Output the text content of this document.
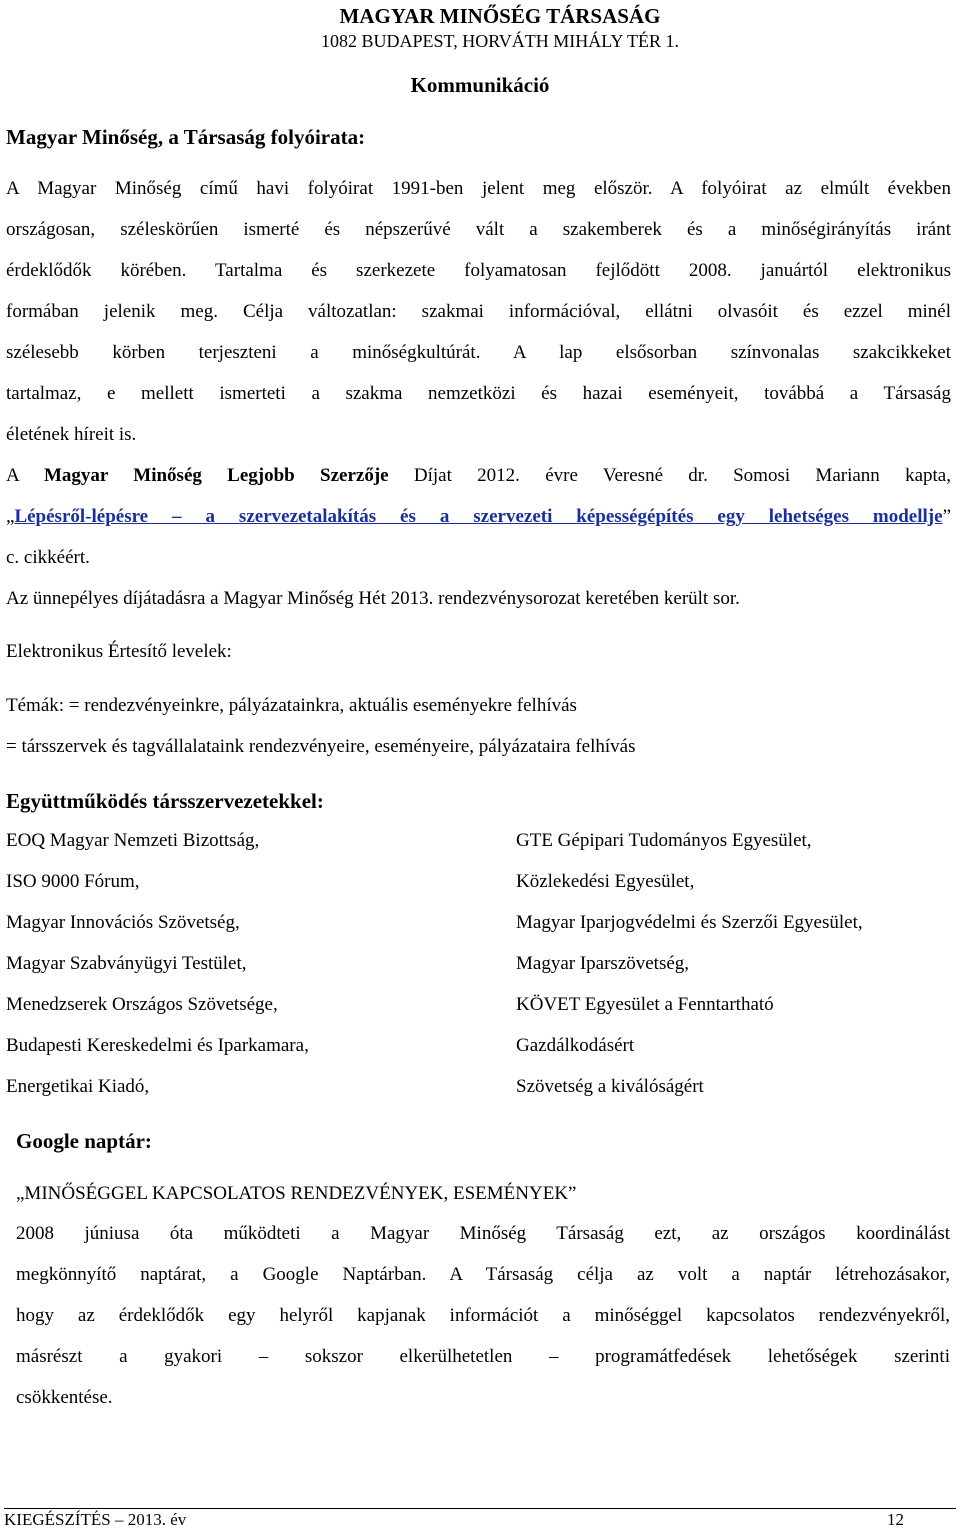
MAGYAR MINŐSÉG TÁRSASÁG
1082 BUDAPEST, HORVÁTH MIHÁLY TÉR 1.
Kommunikáció
Magyar Minőség, a Társaság folyóirata:
A Magyar Minőség című havi folyóirat 1991-ben jelent meg először. A folyóirat az elmúlt években
országosan, széleskörűen ismerté és népszerűvé vált a szakemberek és a minőségirányítás iránt
érdeklődők körében. Tartalma és szerkezete folyamatosan fejlődött 2008. januártól elektronikus
formában jelenik meg. Célja változatlan: szakmai információval, ellátni olvasóit és ezzel minél
szélesebb körben terjeszteni a minőségkultúrát. A lap elsősorban színvonalas szakcikkeket
tartalmaz, e mellett ismerteti a szakma nemzetközi és hazai eseményeit, továbbá a Társaság
életének híreit is.
A Magyar Minőség Legjobb Szerzője Díjat 2012. évre Veresné dr. Somosi Mariann kapta,
„Lépésről-lépésre – a szervezetalakítás és a szervezeti képességépítés egy lehetséges modellje”
c. cikkéért.
Az ünnepélyes díjátadásra a Magyar Minőség Hét 2013. rendezvénysorozat keretében került sor.
Elektronikus Értesítő levelek:
Témák: = rendezvényeinkre, pályázatainkra, aktuális eseményekre felhívás
= társszervek és tagvállalataink rendezvényeire, eseményeire, pályázataira felhívás
Együttműködés társszervezetekkel:
EOQ Magyar Nemzeti Bizottság,
ISO 9000 Fórum,
Magyar Innovációs Szövetség,
Magyar Szabványügyi Testület,
Menedzserek Országos Szövetsége,
Budapesti Kereskedelmi és Iparkamara,
Energetikai Kiadó,
GTE Gépipari Tudományos Egyesület,
Közlekedési Egyesület,
Magyar Iparjogvédelmi és Szerzői Egyesület,
Magyar Iparszövetség,
KÖVET Egyesület a Fenntartható
Gazdálkodásért
Szövetség a kiválóságért
Google naptár:
„MINŐSÉGGEL KAPCSOLATOS RENDEZVÉNYEK, ESEMÉNYEK”
2008 júniusa óta működteti a Magyar Minőség Társaság ezt, az országos koordinálást
megkönnyítő naptárat, a Google Naptárban. A Társaság célja az volt a naptár létrehozásakor,
hogy az érdeklődők egy helyről kapjanak információt a minőséggel kapcsolatos rendezvényekről,
másrészt a gyakori – sokszor elkerülhetetlen – programátfedések lehetőségek szerinti
csökkentése.
KIEGÉSZÍTÉS – 2013. év	12
